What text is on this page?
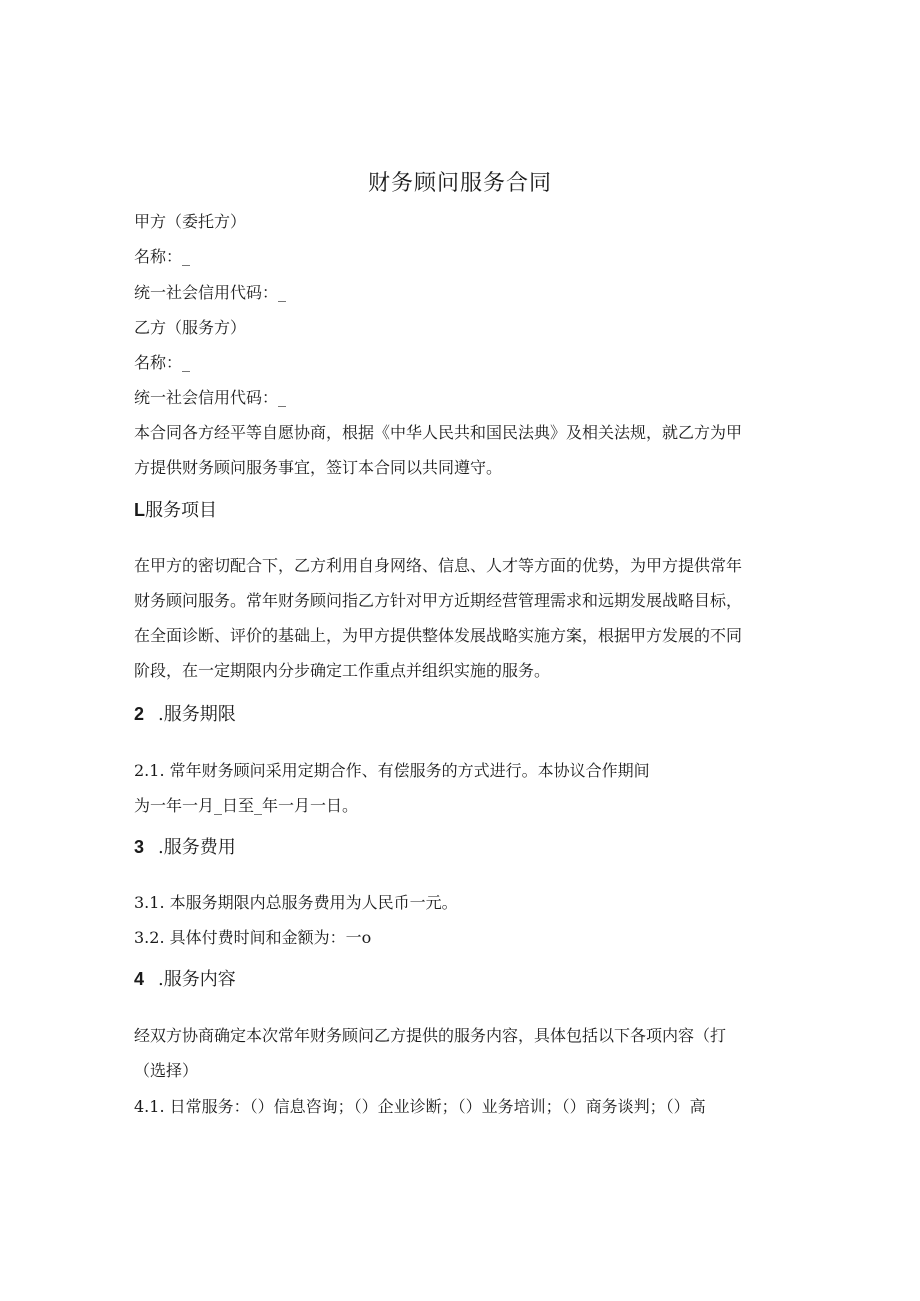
财务顾问服务合同
甲方（委托方）
名称：_
统一社会信用代码：_
乙方（服务方）
名称：_
统一社会信用代码：_
本合同各方经平等自愿协商，根据《中华人民共和国民法典》及相关法规，就乙方为甲
方提供财务顾问服务事宜，签订本合同以共同遵守。
L服务项目
在甲方的密切配合下，乙方利用自身网络、信息、人才等方面的优势，为甲方提供常年
财务顾问服务。常年财务顾问指乙方针对甲方近期经营管理需求和远期发展战略目标，
在全面诊断、评价的基础上，为甲方提供整体发展战略实施方案，根据甲方发展的不同
阶段，在一定期限内分步确定工作重点并组织实施的服务。
2 .服务期限
2.1. 常年财务顾问采用定期合作、有偿服务的方式进行。本协议合作期间
为一年一月_日至_年一月一日。
3 .服务费用
3.1. 本服务期限内总服务费用为人民币一元。
3.2. 具体付费时间和金额为：一o
4 .服务内容
经双方协商确定本次常年财务顾问乙方提供的服务内容，具体包括以下各项内容（打
（选择）
4.1. 日常服务：（）信息咨询；（）企业诊断；（）业务培训；（）商务谈判；（）高
